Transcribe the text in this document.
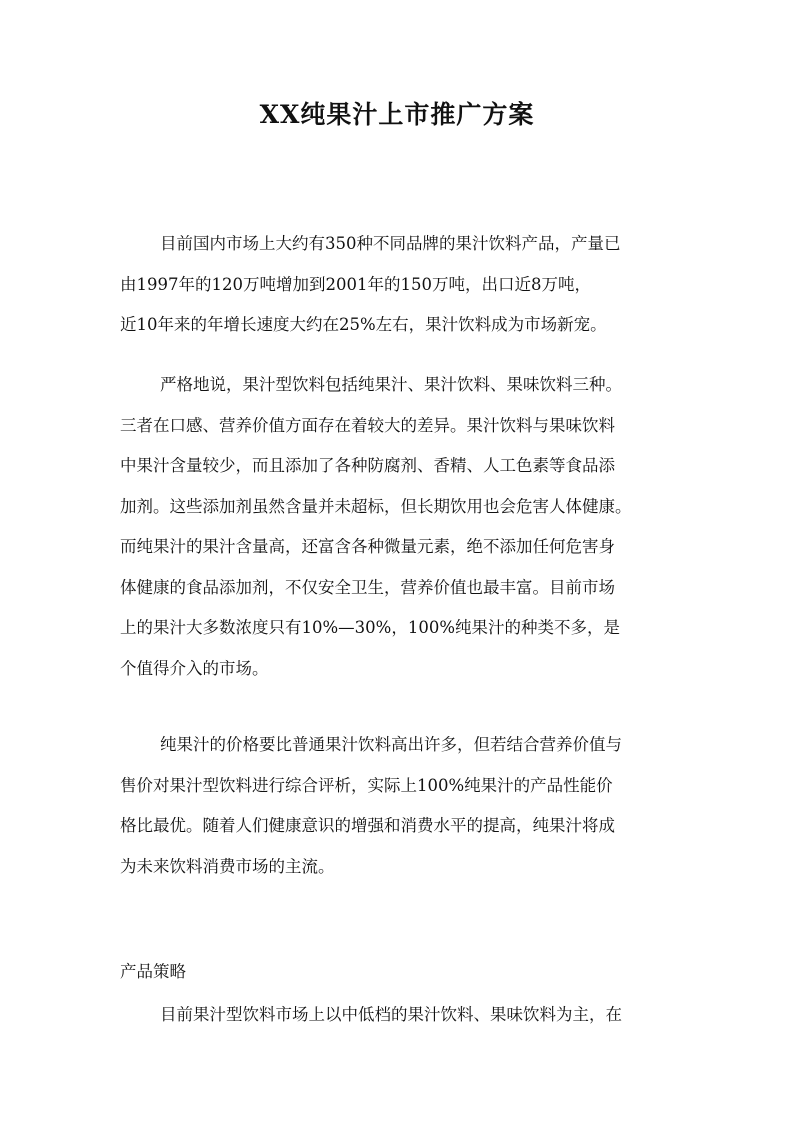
XX纯果汁上市推广方案

目前国内市场上大约有350种不同品牌的果汁饮料产品，产量已
由1997年的120万吨增加到2001年的150万吨，出口近8万吨，
近10年来的年增长速度大约在25%左右，果汁饮料成为市场新宠。

严格地说，果汁型饮料包括纯果汁、果汁饮料、果味饮料三种。
三者在口感、营养价值方面存在着较大的差异。果汁饮料与果味饮料
中果汁含量较少，而且添加了各种防腐剂、香精、人工色素等食品添
加剂。这些添加剂虽然含量并未超标，但长期饮用也会危害人体健康。
而纯果汁的果汁含量高，还富含各种微量元素，绝不添加任何危害身
体健康的食品添加剂，不仅安全卫生，营养价值也最丰富。目前市场
上的果汁大多数浓度只有10%—30%，100%纯果汁的种类不多，是
个值得介入的市场。

纯果汁的价格要比普通果汁饮料高出许多，但若结合营养价值与
售价对果汁型饮料进行综合评析，实际上100%纯果汁的产品性能价
格比最优。随着人们健康意识的增强和消费水平的提高，纯果汁将成
为未来饮料消费市场的主流。

产品策略

目前果汁型饮料市场上以中低档的果汁饮料、果味饮料为主，在
